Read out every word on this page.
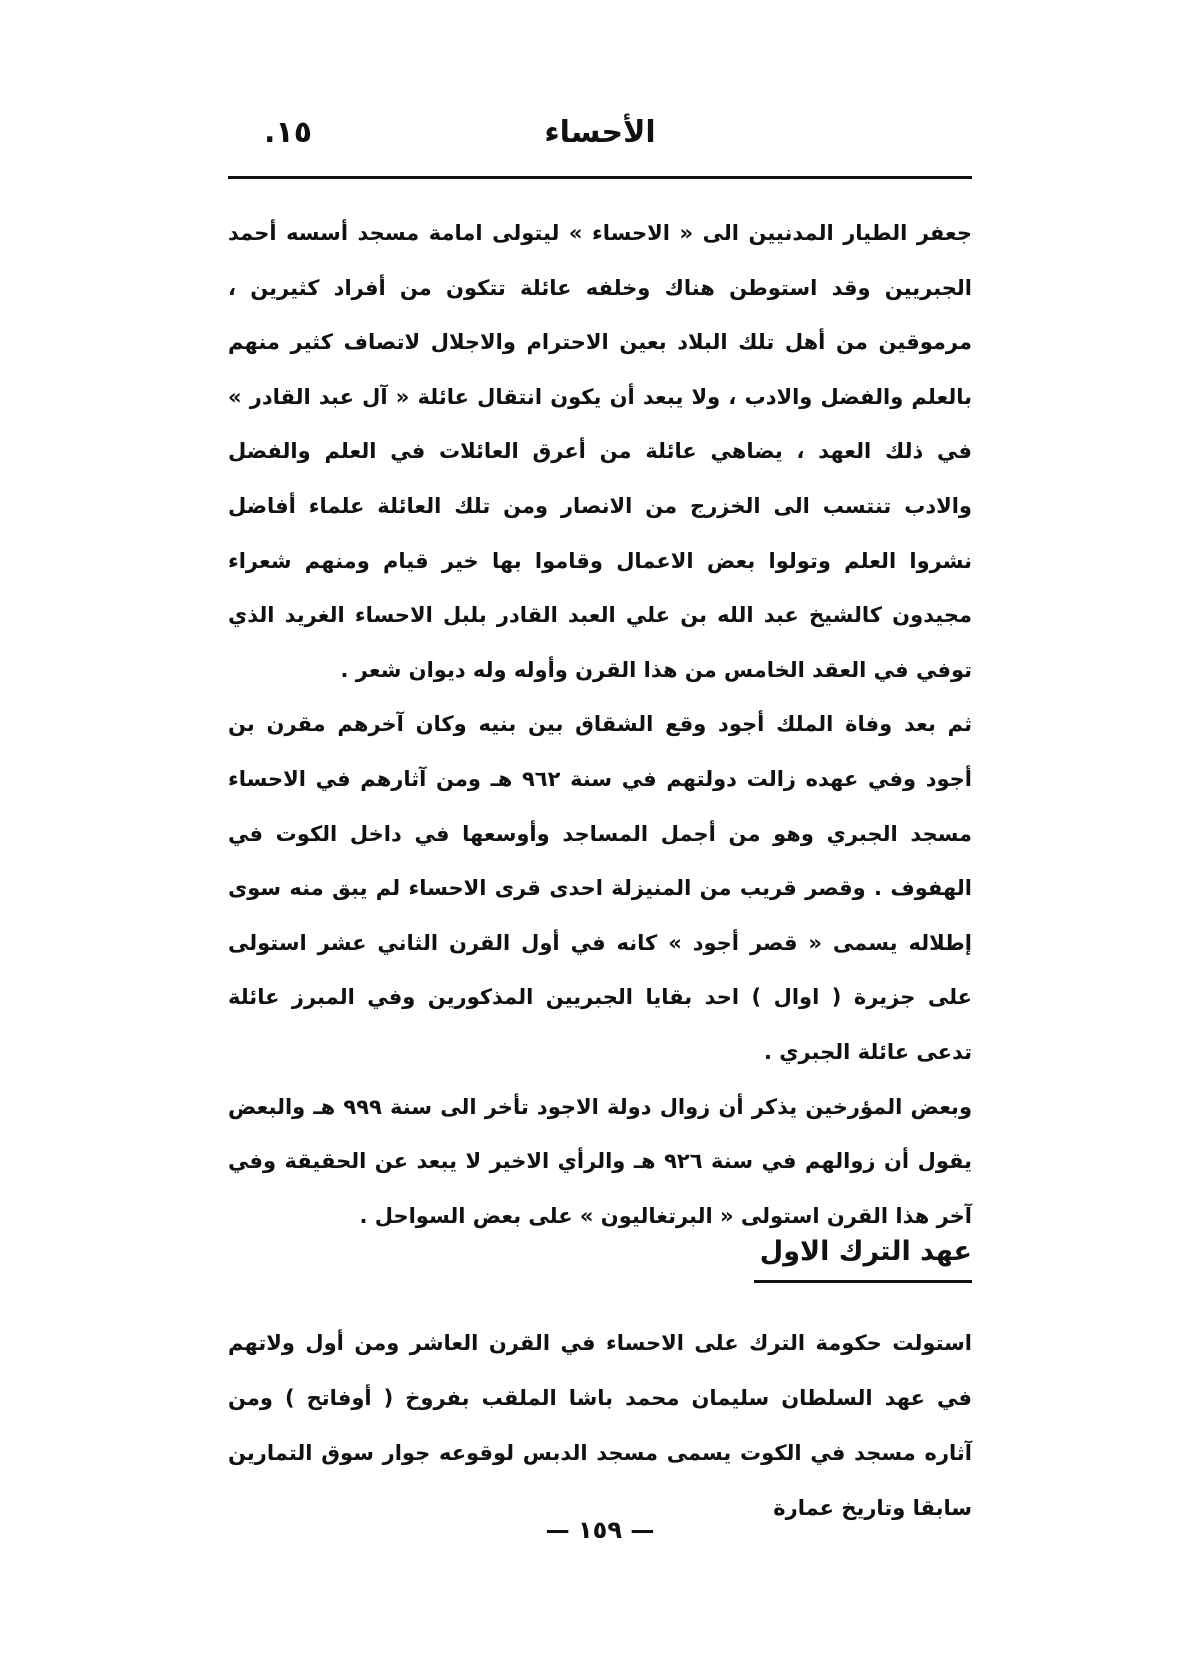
الأحساء
١٥.

جعفر الطيار المدنيين الى « الاحساء » ليتولى امامة مسجد أسسه أحمد الجبريين وقد استوطن هناك وخلفه عائلة تتكون من أفراد كثيرين ، مرموقين من أهل تلك البلاد بعين الاحترام والاجلال لاتصاف كثير منهم بالعلم والفضل والادب ، ولا يبعد أن يكون انتقال عائلة « آل عبد القادر » في ذلك العهد ، يضاهي عائلة من أعرق العائلات في العلم والفضل والادب تنتسب الى الخزرج من الانصار ومن تلك العائلة علماء أفاضل نشروا العلم وتولوا بعض الاعمال وقاموا بها خير قيام ومنهم شعراء مجيدون كالشيخ عبد الله بن علي العبد القادر بلبل الاحساء الغريد الذي توفي في العقد الخامس من هذا القرن وأوله وله ديوان شعر .

ثم بعد وفاة الملك أجود وقع الشقاق بين بنيه وكان آخرهم مقرن بن أجود وفي عهده زالت دولتهم في سنة ٩٦٢ هـ ومن آثارهم في الاحساء مسجد الجبري وهو من أجمل المساجد وأوسعها في داخل الكوت في الهفوف . وقصر قريب من المنيزلة احدى قرى الاحساء لم يبق منه سوى إطلاله يسمى « قصر أجود » كانه في أول القرن الثاني عشر استولى على جزيرة ( اوال ) احد بقايا الجبريين المذكورين وفي المبرز عائلة تدعى عائلة الجبري .

وبعض المؤرخين يذكر أن زوال دولة الاجود تأخر الى سنة ٩٩٩ هـ والبعض يقول أن زوالهم في سنة ٩٢٦ هـ والرأي الاخير لا يبعد عن الحقيقة وفي آخر هذا القرن استولى « البرتغاليون » على بعض السواحل .

عهد الترك الاول

استولت حكومة الترك على الاحساء في القرن العاشر ومن أول ولاتهم في عهد السلطان سليمان محمد باشا الملقب بفروخ ( أوفاتح ) ومن آثاره مسجد في الكوت يسمى مسجد الدبس لوقوعه جوار سوق التمارين سابقا وتاريخ عمارة

— ١٥٩ —
